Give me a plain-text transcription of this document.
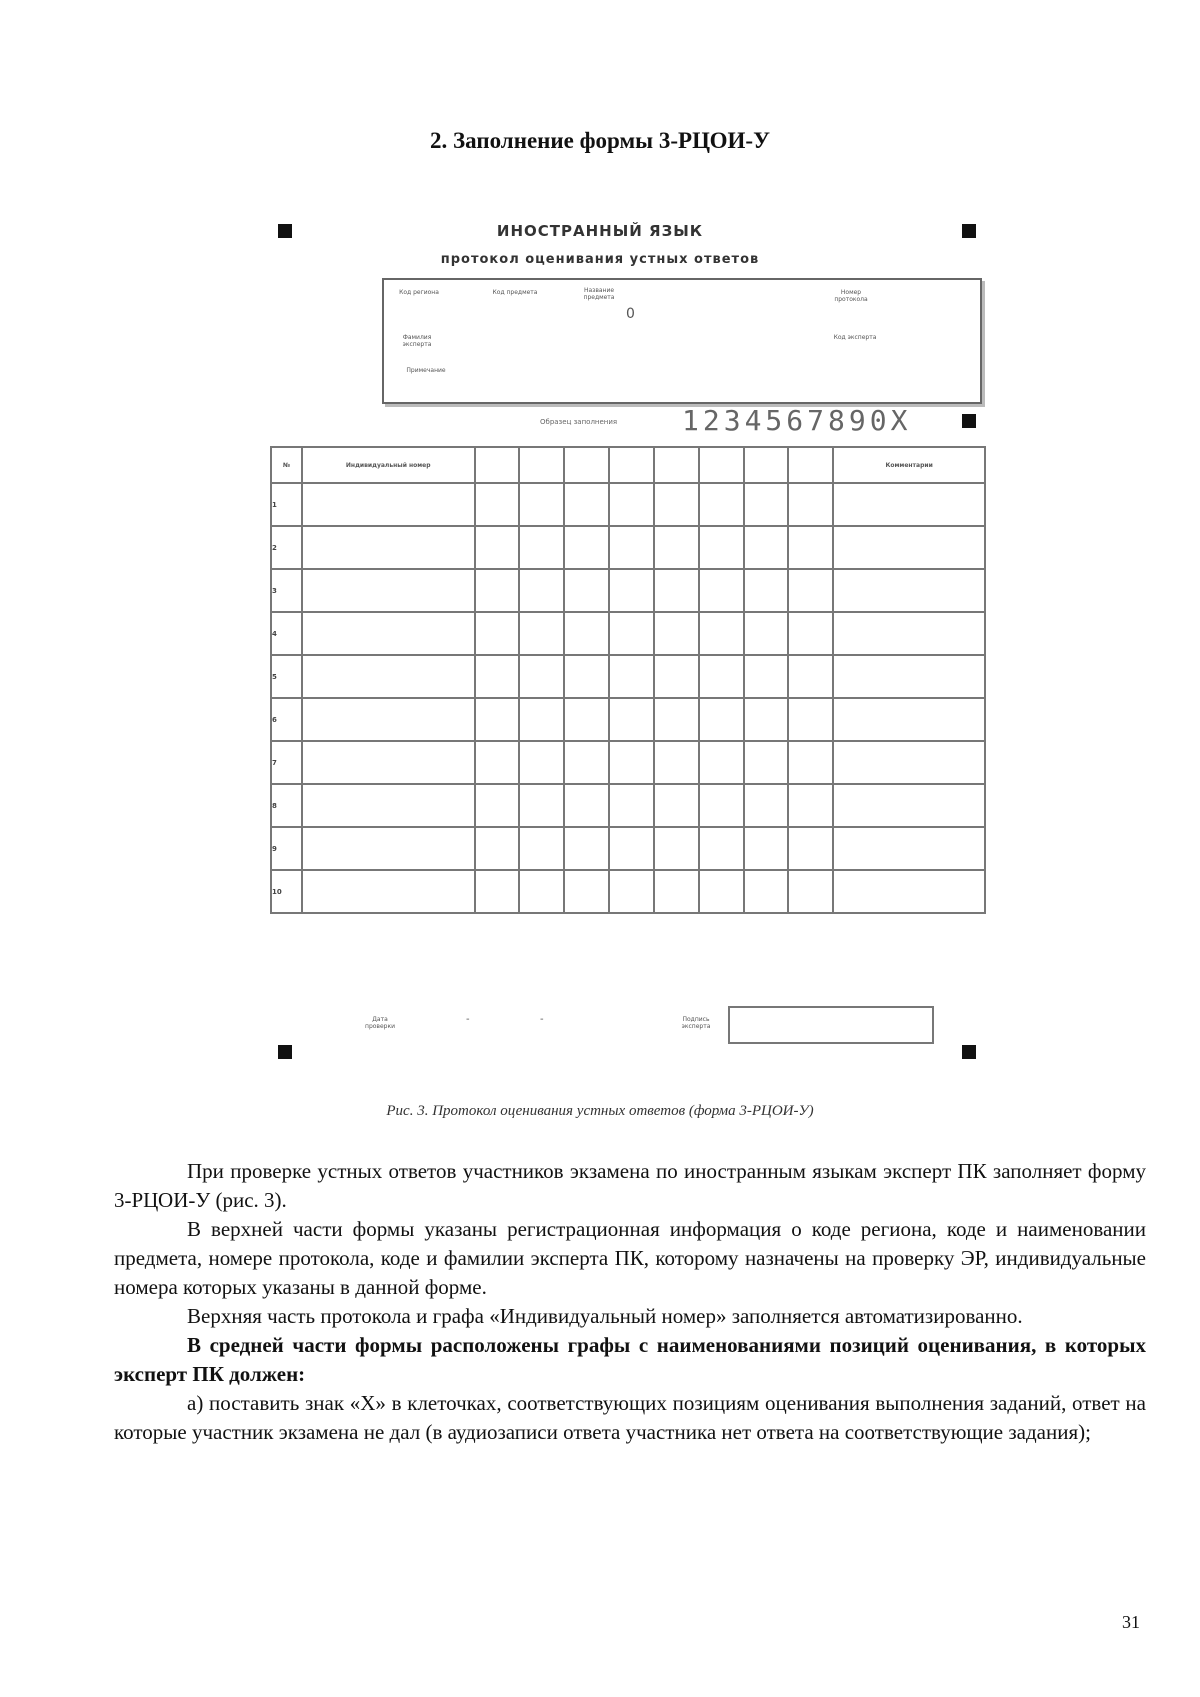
2. Заполнение формы 3-РЦОИ-У
ИНОСТРАННЫЙ ЯЗЫК
протокол оценивания устных ответов
Код региона	Код предмета	Название предмета
0
Номер протокола
Фамилия эксперта
Код эксперта
Примечание
Образец заполнения 1234567890X
№	Индивидуальный номер									Комментарии
1										
2										
3										
4										
5										
6										
7										
8										
9										
10										
Дата проверки
-	-	Подпись эксперта
Рис. 3. Протокол оценивания устных ответов (форма 3-РЦОИ-У)

При проверке устных ответов участников экзамена по иностранным языкам эксперт ПК заполняет форму 3-РЦОИ-У (рис. 3).

В верхней части формы указаны регистрационная информация о коде региона, коде и наименовании предмета, номере протокола, коде и фамилии эксперта ПК, которому назначены на проверку ЭР, индивидуальные номера которых указаны в данной форме.

Верхняя часть протокола и графа «Индивидуальный номер» заполняется автоматизированно.

В средней части формы расположены графы с наименованиями позиций оценивания, в которых эксперт ПК должен:

а) поставить знак «X» в клеточках, соответствующих позициям оценивания выполнения заданий, ответ на которые участник экзамена не дал (в аудиозаписи ответа участника нет ответа на соответствующие задания);

31
